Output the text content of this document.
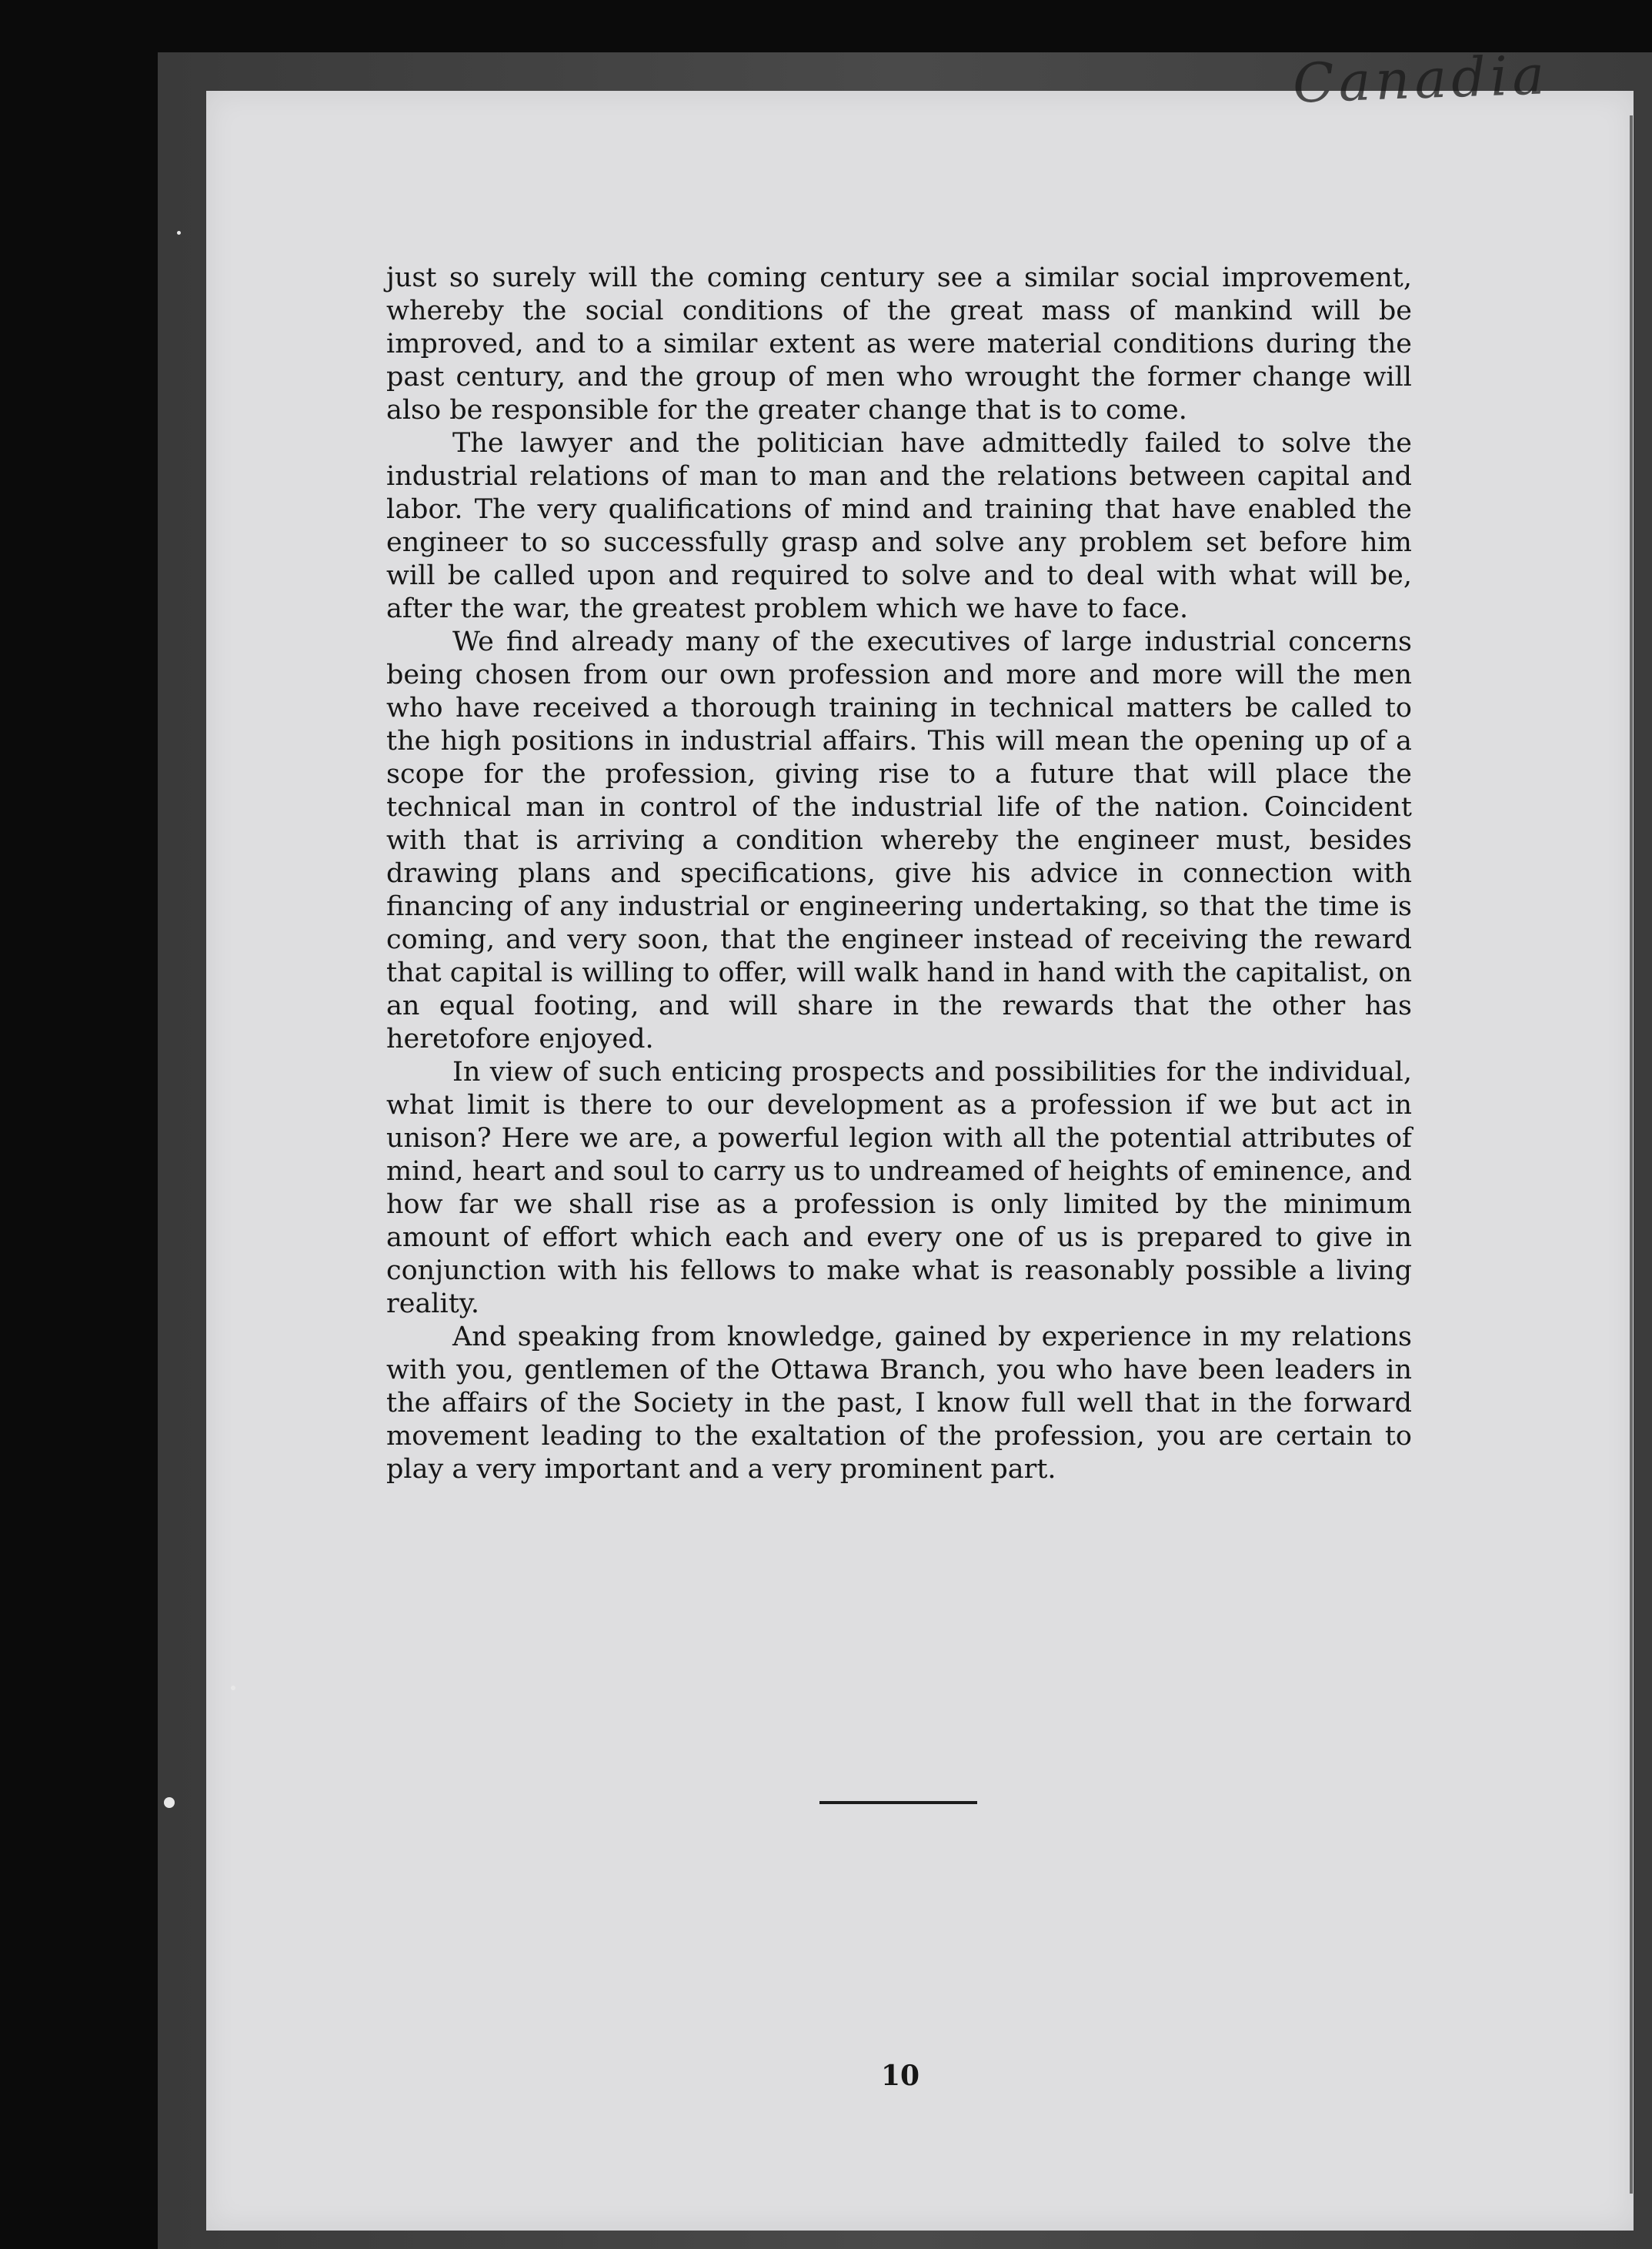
Canadia

just so surely will the coming century see a similar social improvement, whereby the social conditions of the great mass of mankind will be improved, and to a similar extent as were material conditions during the past century, and the group of men who wrought the former change will also be responsible for the greater change that is to come.

The lawyer and the politician have admittedly failed to solve the industrial relations of man to man and the relations between capital and labor. The very qualifications of mind and training that have enabled the engineer to so successfully grasp and solve any problem set before him will be called upon and required to solve and to deal with what will be, after the war, the greatest problem which we have to face.

We find already many of the executives of large industrial concerns being chosen from our own profession and more and more will the men who have received a thorough training in technical matters be called to the high positions in industrial affairs. This will mean the opening up of a scope for the profession, giving rise to a future that will place the technical man in control of the industrial life of the nation. Coincident with that is arriving a condition whereby the engineer must, besides drawing plans and specifications, give his advice in connection with financing of any industrial or engineering undertaking, so that the time is coming, and very soon, that the engineer instead of receiving the reward that capital is willing to offer, will walk hand in hand with the capitalist, on an equal footing, and will share in the rewards that the other has heretofore enjoyed.

In view of such enticing prospects and possibilities for the individual, what limit is there to our development as a profession if we but act in unison? Here we are, a powerful legion with all the potential attributes of mind, heart and soul to carry us to undreamed of heights of eminence, and how far we shall rise as a profession is only limited by the minimum amount of effort which each and every one of us is prepared to give in conjunction with his fellows to make what is reasonably possible a living reality.

And speaking from knowledge, gained by experience in my relations with you, gentlemen of the Ottawa Branch, you who have been leaders in the affairs of the Society in the past, I know full well that in the forward movement leading to the exaltation of the profession, you are certain to play a very important and a very prominent part.

10
